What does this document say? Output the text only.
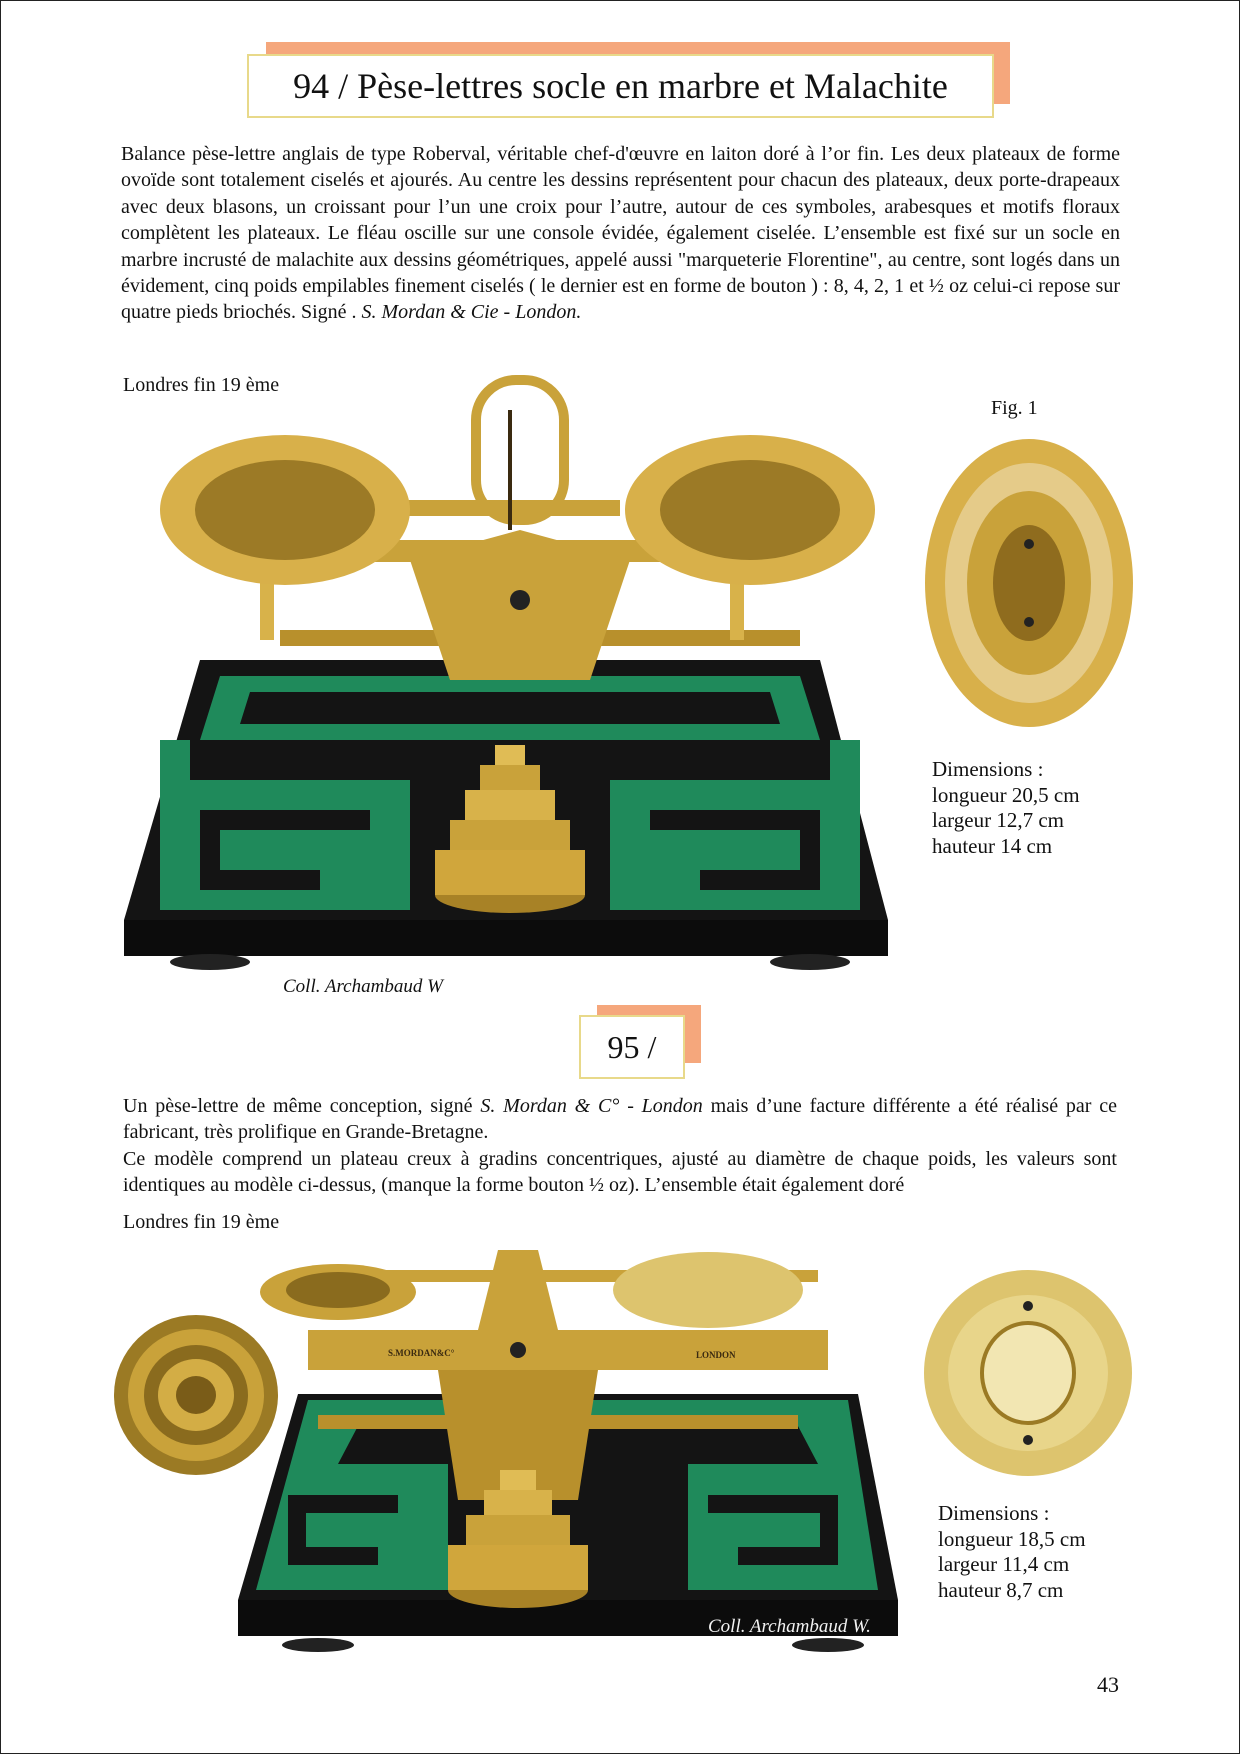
94 / Pèse-lettres socle en marbre et Malachite

Balance pèse-lettre anglais de type Roberval, véritable chef-d'œuvre en laiton doré à l’or fin. Les deux plateaux de forme ovoïde sont totalement ciselés et ajourés. Au centre les dessins représentent pour chacun des plateaux, deux porte-drapeaux avec deux blasons, un croissant pour l’un une croix pour l’autre, autour de ces symboles, arabesques et motifs floraux complètent les plateaux. Le fléau oscille sur une console évidée, également ciselée. L’ensemble est fixé sur un socle en marbre incrusté de malachite aux dessins géométriques, appelé aussi "marqueterie Florentine", au centre, sont logés dans un évidement, cinq poids empilables finement ciselés ( le dernier est en forme de bouton ) : 8, 4, 2, 1 et ½ oz celui-ci repose sur quatre pieds briochés. Signé . S. Mordan & Cie - London.

Londres fin 19 ème
Coll. Archambaud W
Fig. 1
Dimensions :
longueur 20,5 cm
largeur 12,7 cm
hauteur 14 cm
95 /

Un pèse-lettre de même conception, signé S. Mordan & C° - London mais d’une facture différente a été réalisé par ce fabricant, très prolifique en Grande-Bretagne.
Ce modèle comprend un plateau creux à gradins concentriques, ajusté au diamètre de chaque poids, les valeurs sont identiques au modèle ci-dessus, (manque la forme bouton ½ oz). L’ensemble était également doré

Londres fin 19 ème
S.MORDAN&C°	LONDON
Coll. Archambaud W.
Dimensions :
longueur 18,5 cm
largeur 11,4 cm
hauteur 8,7 cm
43
